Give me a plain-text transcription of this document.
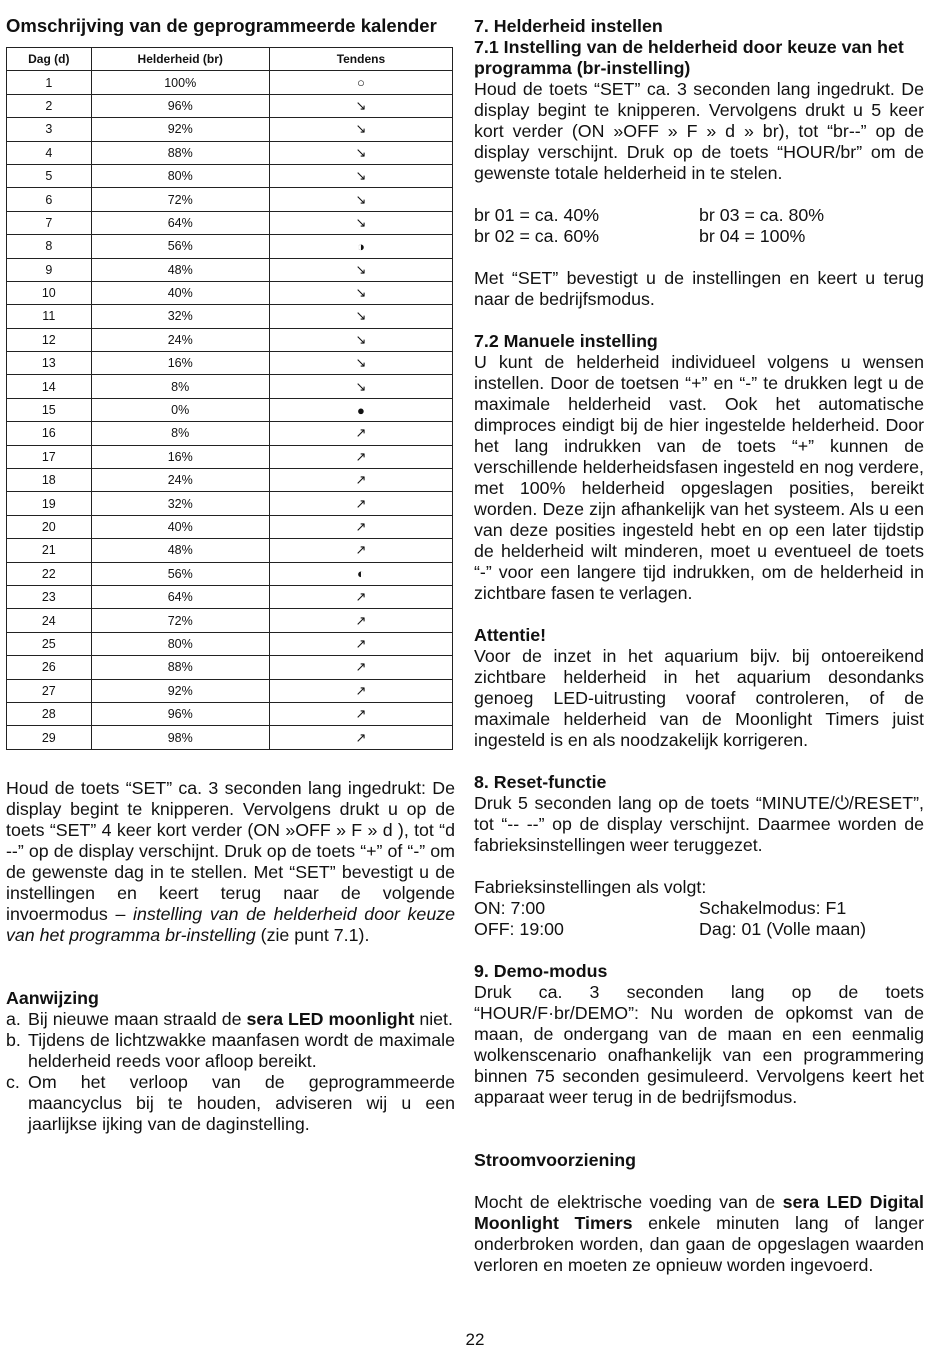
Omschrijving van de geprogrammeerde kalender
Dag (d)	Helderheid (br)	Tendens
1	100%	○
2	96%	↘
3	92%	↘
4	88%	↘
5	80%	↘
6	72%	↘
7	64%	↘
8	56%	◑
9	48%	↘
10	40%	↘
11	32%	↘
12	24%	↘
13	16%	↘
14	8%	↘
15	0%	●
16	8%	↗
17	16%	↗
18	24%	↗
19	32%	↗
20	40%	↗
21	48%	↗
22	56%	◐
23	64%	↗
24	72%	↗
25	80%	↗
26	88%	↗
27	92%	↗
28	96%	↗
29	98%	↗
Houd de toets “SET” ca. 3 seconden lang ingedrukt: De display begint te knipperen. Vervolgens drukt u op de toets “SET” 4 keer kort verder (ON »OFF » F » d ), tot “d --” op de display verschijnt. Druk op de toets “+” of “-” om de gewenste dag in te stellen. Met “SET” bevestigt u de instellingen en keert terug naar de volgende invoermodus – instelling van de helderheid door keuze van het programma br-instelling (zie punt 7.1).
Aanwijzing
a. Bij nieuwe maan straald de sera LED moonlight niet.
b. Tijdens de lichtzwakke maanfasen wordt de maximale helderheid reeds voor afloop bereikt.
c. Om het verloop van de geprogrammeerde maancyclus bij te houden, adviseren wij u een jaarlijkse ijking van de daginstelling.
7. Helderheid instellen
7.1 Instelling van de helderheid door keuze van het programma (br-instelling)
Houd de toets “SET” ca. 3 seconden lang ingedrukt. De display begint te knipperen. Vervolgens drukt u 5 keer kort verder (ON »OFF » F » d » br), tot “br--” op de display verschijnt. Druk op de toets “HOUR/br” om de gewenste totale helderheid in te stelen.
br 01 = ca. 40%	br 03 = ca. 80%
br 02 = ca. 60%	br 04 = 100%
Met “SET” bevestigt u de instellingen en keert u terug naar de bedrijfsmodus.
7.2 Manuele instelling
U kunt de helderheid individueel volgens u wensen instellen. Door de toetsen “+” en “-” te drukken legt u de maximale helderheid vast. Ook het automatische dimproces eindigt bij de hier ingestelde helderheid. Door het lang indrukken van de toets “+” kunnen de verschillende helderheidsfasen ingesteld en nog verdere, met 100% helderheid opgeslagen posities, bereikt worden. Deze zijn afhankelijk van het systeem. Als u een van deze posities ingesteld hebt en op een later tijdstip de helderheid wilt minderen, moet u eventueel de toets “-” voor een langere tijd indrukken, om de helderheid in zichtbare fasen te verlagen.
Attentie!
Voor de inzet in het aquarium bijv. bij ontoereikend zichtbare helderheid in het aquarium desondanks genoeg LED-uitrusting vooraf controleren, of de maximale helderheid van de Moonlight Timers juist ingesteld is en als noodzakelijk korrigeren.
8. Reset-functie
Druk 5 seconden lang op de toets “MINUTE/⏻/RESET”, tot “-- --” op de display verschijnt. Daarmee worden de fabrieksinstellingen weer teruggezet.
Fabrieksinstellingen als volgt:
ON: 7:00	Schakelmodus: F1
OFF: 19:00	Dag: 01 (Volle maan)
9. Demo-modus
Druk ca. 3 seconden lang op de toets “HOUR/F·br/DEMO”: Nu worden de opkomst van de maan, de ondergang van de maan en een eenmalig wolkenscenario onafhankelijk van een programmering binnen 75 seconden gesimuleerd. Vervolgens keert het apparaat weer terug in de bedrijfsmodus.
Stroomvoorziening
Mocht de elektrische voeding van de sera LED Digital Moonlight Timers enkele minuten lang of langer onderbroken worden, dan gaan de opgeslagen waarden verloren en moeten ze opnieuw worden ingevoerd.
22
